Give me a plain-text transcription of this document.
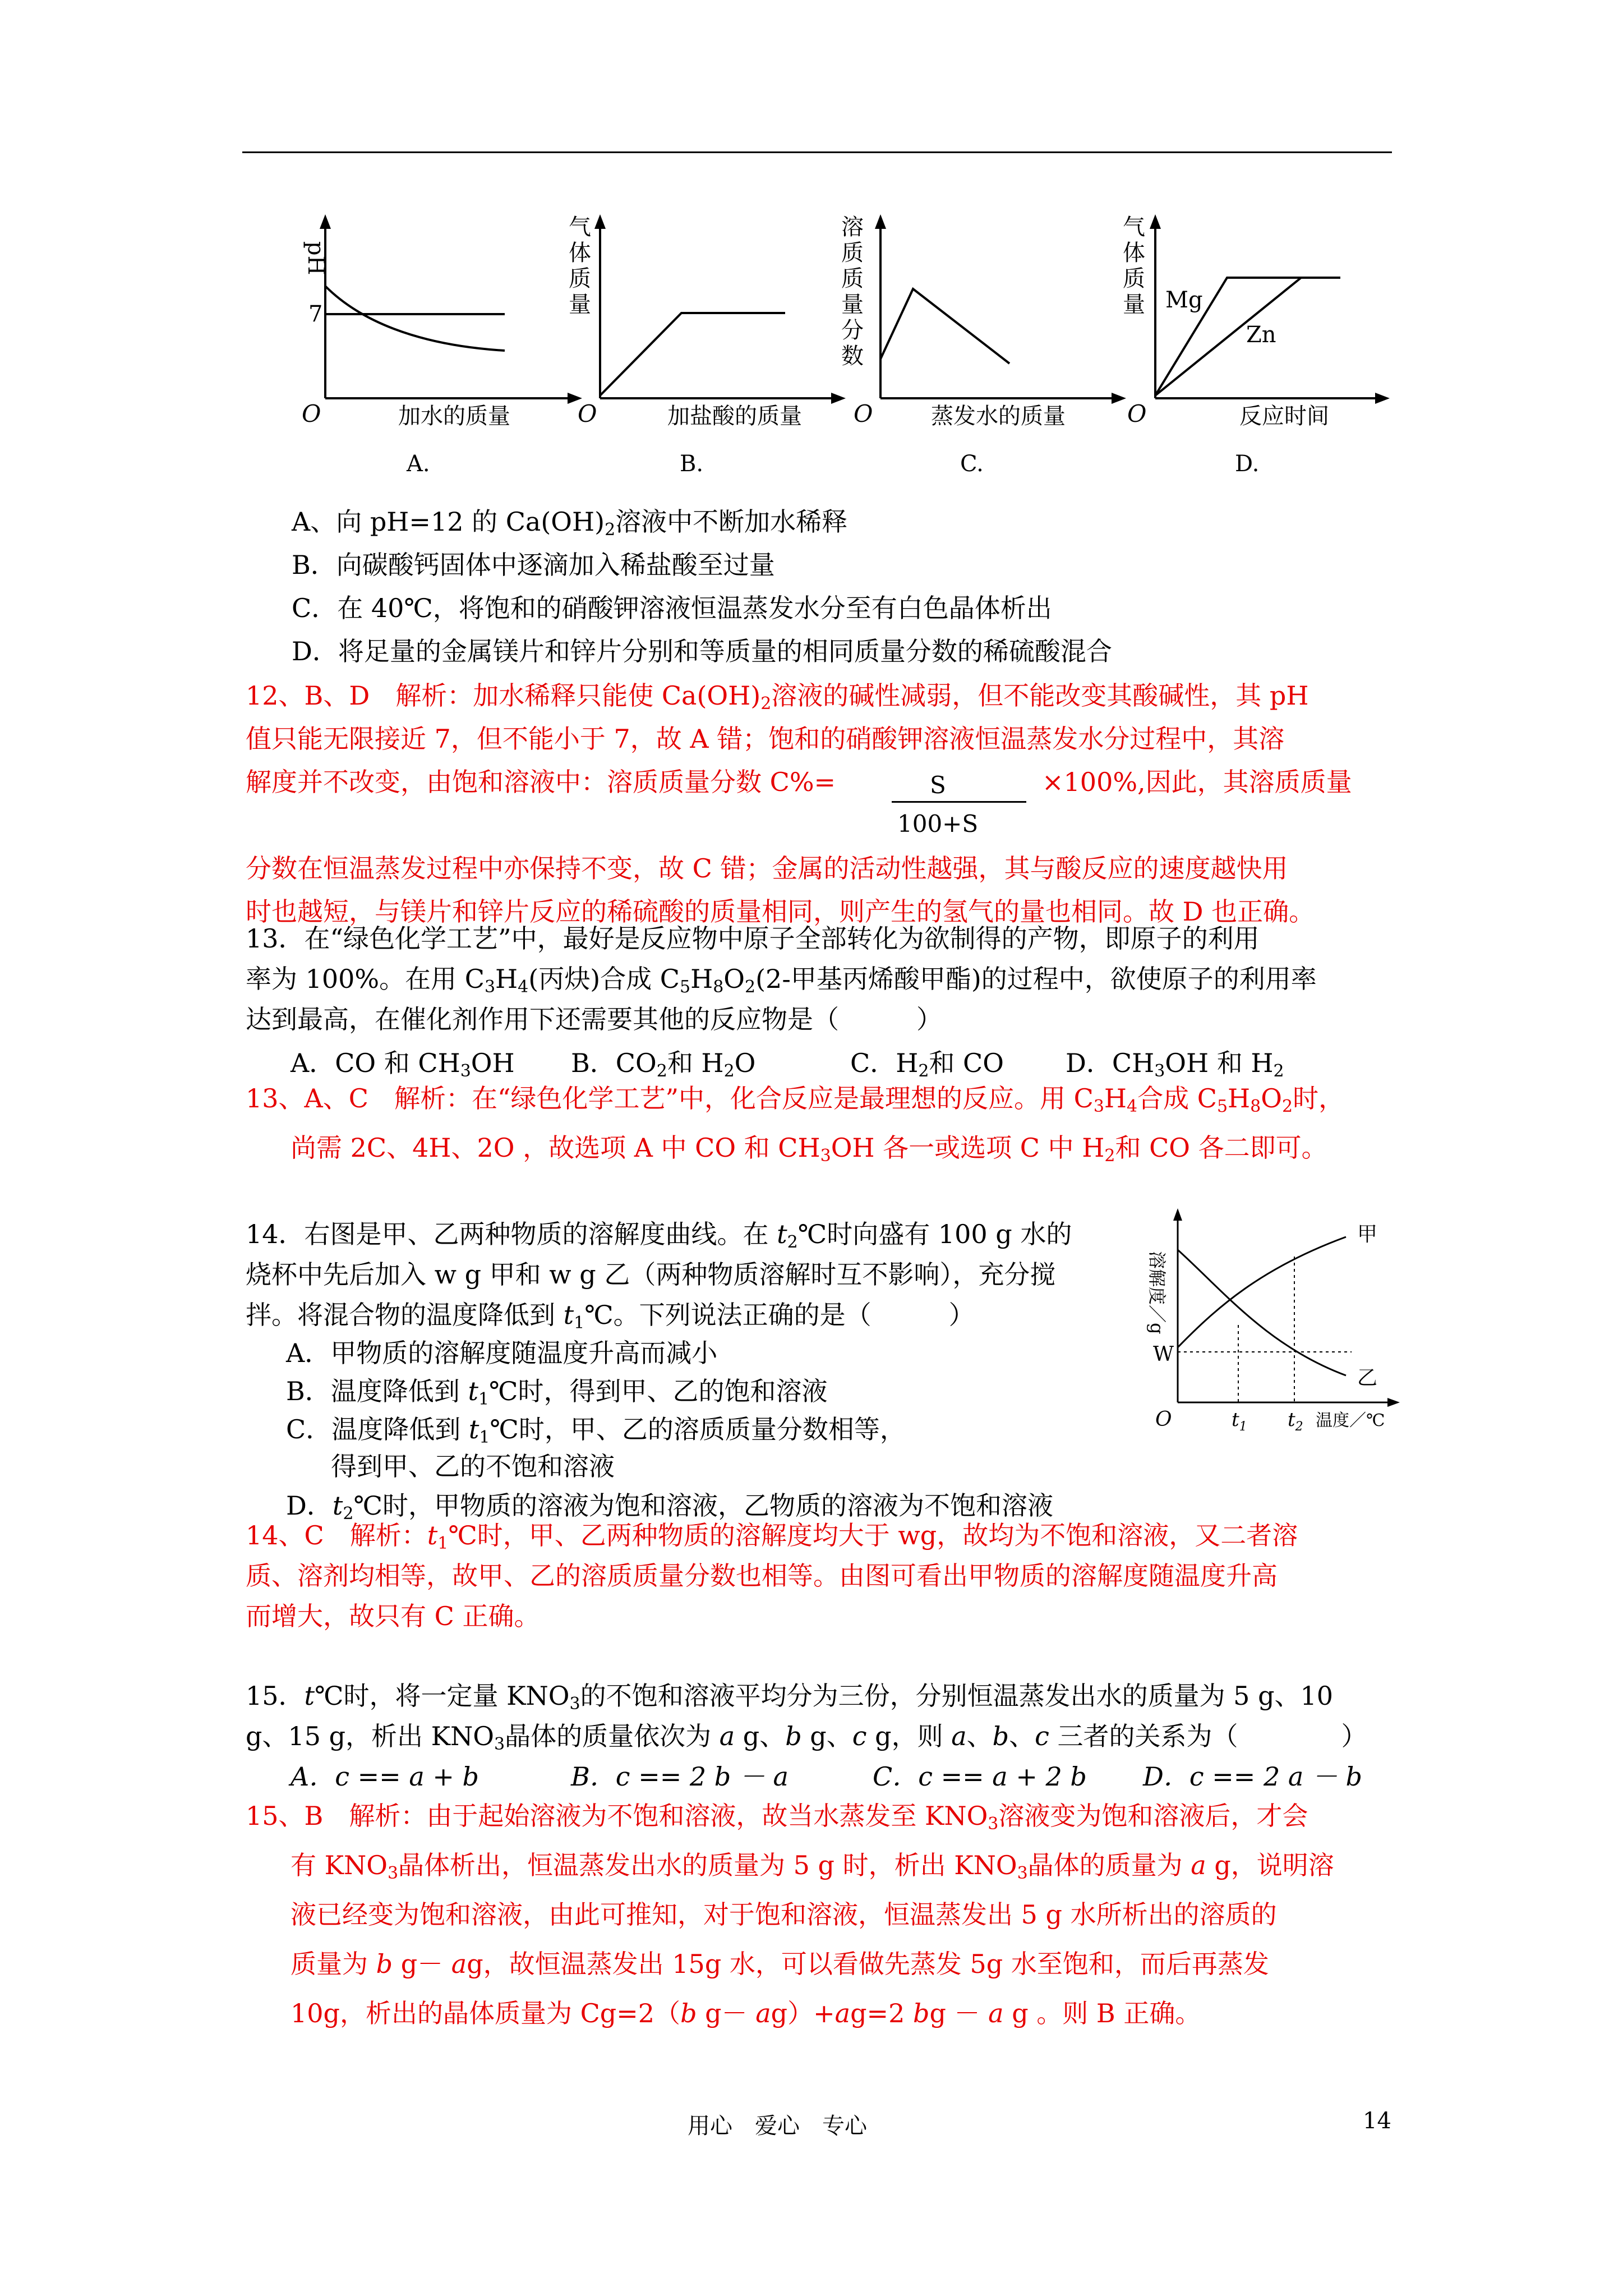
pH
7
O	加水的质量
A.
气 体 质 量
O	加盐酸的质量
B.
溶 质 质 量 分 数
O	蒸发水的质量
C.
气 体 质 量 Mg
Zn
O	反应时间
D.
A、向 pH=12 的 $Ca(OH)_2$溶液中不断加水稀释
B．向碳酸钙固体中逐滴加入稀盐酸至过量
C．在 40℃，将饱和的硝酸钾溶液恒温蒸发水分至有白色晶体析出
D．将足量的金属镁片和锌片分别和等质量的相同质量分数的稀硫酸混合
12、B、D　解析：加水稀释只能使 $Ca(OH)_2$溶液的碱性减弱，但不能改变其酸碱性，其 pH
值只能无限接近 7，但不能小于 7，故 A 错；饱和的硝酸钾溶液恒温蒸发水分过程中，其溶
解度并不改变，由饱和溶液中：溶质质量分数 C%=	×100%,因此，其溶质质量
分数在恒温蒸发过程中亦保持不变，故 C 错；金属的活动性越强，其与酸反应的速度越快用
时也越短，与镁片和锌片反应的稀硫酸的质量相同，则产生的氢气的量也相同。故 D 也正确。
S
100+S
13．在“绿色化学工艺”中，最好是反应物中原子全部转化为欲制得的产物，即原子的利用
率为 100%。在用 $C_3H_4$(丙炔)合成 $C_5H_8O_2(2-$甲基丙烯酸甲酯)的过程中，欲使原子的利用率
达到最高，在催化剂作用下还需要其他的反应物是（　　　）
A．CO 和 $CH_3OH$ B．$CO_2$和 $H_2O$	C．$H_2$和 CO D．$CH_3OH$ 和 $H_2$
13、A、C　解析：在“绿色化学工艺”中，化合反应是最理想的反应。用 $C_3H_4$合成 $C_5H_8O_2$时，
尚需 2C、4H、2O ，故选项 A 中 CO 和 $CH_3OH$ 各一或选项 C 中 $H_2$和 CO 各二即可。
14．右图是甲、乙两种物质的溶解度曲线。在 $t_2℃$时向盛有 100 g 水的
烧杯中先后加入 w g 甲和 w g 乙（两种物质溶解时互不影响），充分搅
拌。将混合物的温度降低到 $t_1℃$。下列说法正确的是（　　　）
A．甲物质的溶解度随温度升高而减小
B．温度降低到 $t_1℃$时，得到甲、乙的饱和溶液
C．温度降低到 $t_1℃$时，甲、乙的溶质质量分数相等，
得到甲、乙的不饱和溶液
D．$t_2℃$时，甲物质的溶液为饱和溶液，乙物质的溶液为不饱和溶液
溶解度／g
W
O	$t_1$ $t_2$ 温度／℃
甲
乙
14、C　解析：$t_1℃$时，甲、乙两种物质的溶解度均大于 wg，故均为不饱和溶液，又二者溶
质、溶剂均相等，故甲、乙的溶质质量分数也相等。由图可看出甲物质的溶解度随温度升高
而增大，故只有 C 正确。
15．t℃时，将一定量 $KNO_3$的不饱和溶液平均分为三份，分别恒温蒸发出水的质量为 5 g、10
g、15 g，析出 $KNO_3$晶体的质量依次为 a g、b g、c g，则 a、b、c 三者的关系为（　　　　）
A．c == a + b	B．c == 2 b － a	C．c == a + 2 b D．c == 2 a － b
15、B　解析：由于起始溶液为不饱和溶液，故当水蒸发至 $KNO_3$溶液变为饱和溶液后，才会
有 $KNO_3$晶体析出，恒温蒸发出水的质量为 5 g 时，析出 $KNO_3$晶体的质量为 a g，说明溶
液已经变为饱和溶液，由此可推知，对于饱和溶液，恒温蒸发出 5 g 水所析出的溶质的
质量为 b g－ ag，故恒温蒸发出 15g 水，可以看做先蒸发 5g 水至饱和，而后再蒸发
10g，析出的晶体质量为 Cg=2（b g－ ag）+ag=2 bg － a g 。则 B 正确。
用心　爱心　专心	14
